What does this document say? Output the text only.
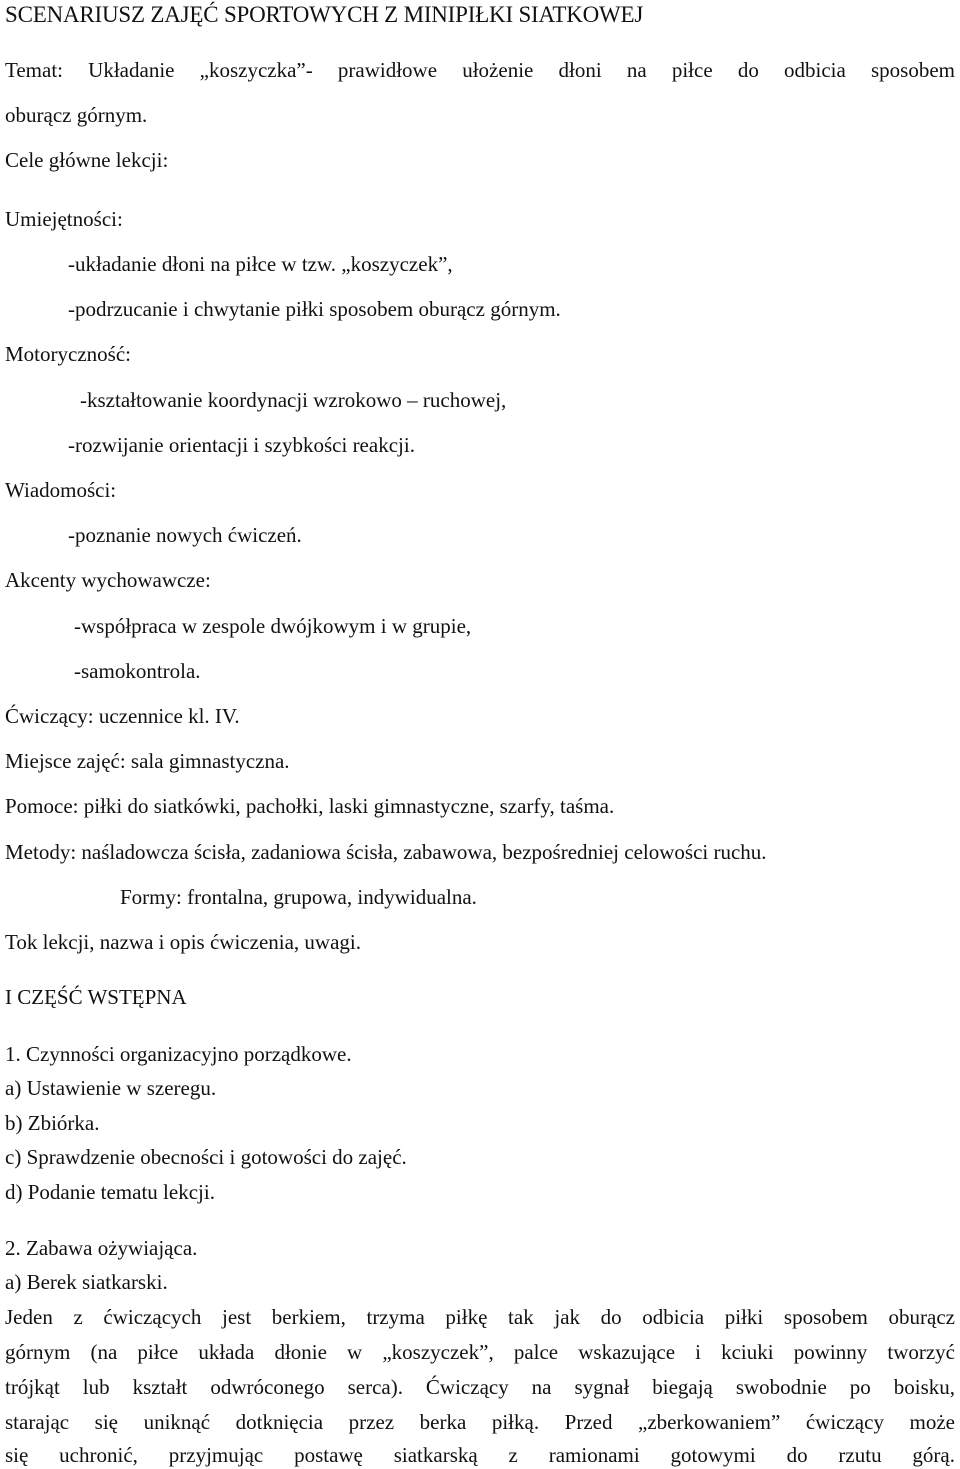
SCENARIUSZ ZAJĘĆ SPORTOWYCH Z MINIPIŁKI SIATKOWEJ

Temat: Układanie „koszyczka”- prawidłowe ułożenie dłoni na piłce do odbicia sposobem

oburącz górnym.

Cele główne lekcji:

Umiejętności:

-układanie dłoni na piłce w tzw. „koszyczek”,

-podrzucanie i chwytanie piłki sposobem oburącz górnym.

Motoryczność:

-kształtowanie koordynacji wzrokowo – ruchowej,

-rozwijanie orientacji i szybkości reakcji.

Wiadomości:

-poznanie nowych ćwiczeń.

Akcenty wychowawcze:

-współpraca w zespole dwójkowym i w grupie,

-samokontrola.

Ćwiczący: uczennice kl. IV.

Miejsce zajęć: sala gimnastyczna.

Pomoce: piłki do siatkówki, pachołki, laski gimnastyczne, szarfy, taśma.

Metody: naśladowcza ścisła, zadaniowa ścisła, zabawowa, bezpośredniej celowości ruchu.

Formy: frontalna, grupowa, indywidualna.

Tok lekcji, nazwa i opis ćwiczenia, uwagi.

I CZĘŚĆ WSTĘPNA

1. Czynności organizacyjno porządkowe.

a) Ustawienie w szeregu.

b) Zbiórka.

c) Sprawdzenie obecności i gotowości do zajęć.

d) Podanie tematu lekcji.

2. Zabawa ożywiająca.

a) Berek siatkarski.

Jeden z ćwiczących jest berkiem, trzyma piłkę tak jak do odbicia piłki sposobem oburącz

górnym (na piłce układa dłonie w „koszyczek”, palce wskazujące i kciuki powinny tworzyć

trójkąt lub kształt odwróconego serca). Ćwiczący na sygnał biegają swobodnie po boisku,

starając się uniknąć dotknięcia przez berka piłką. Przed „zberkowaniem” ćwiczący może

się uchronić, przyjmując postawę siatkarską z ramionami gotowymi do rzutu górą.
